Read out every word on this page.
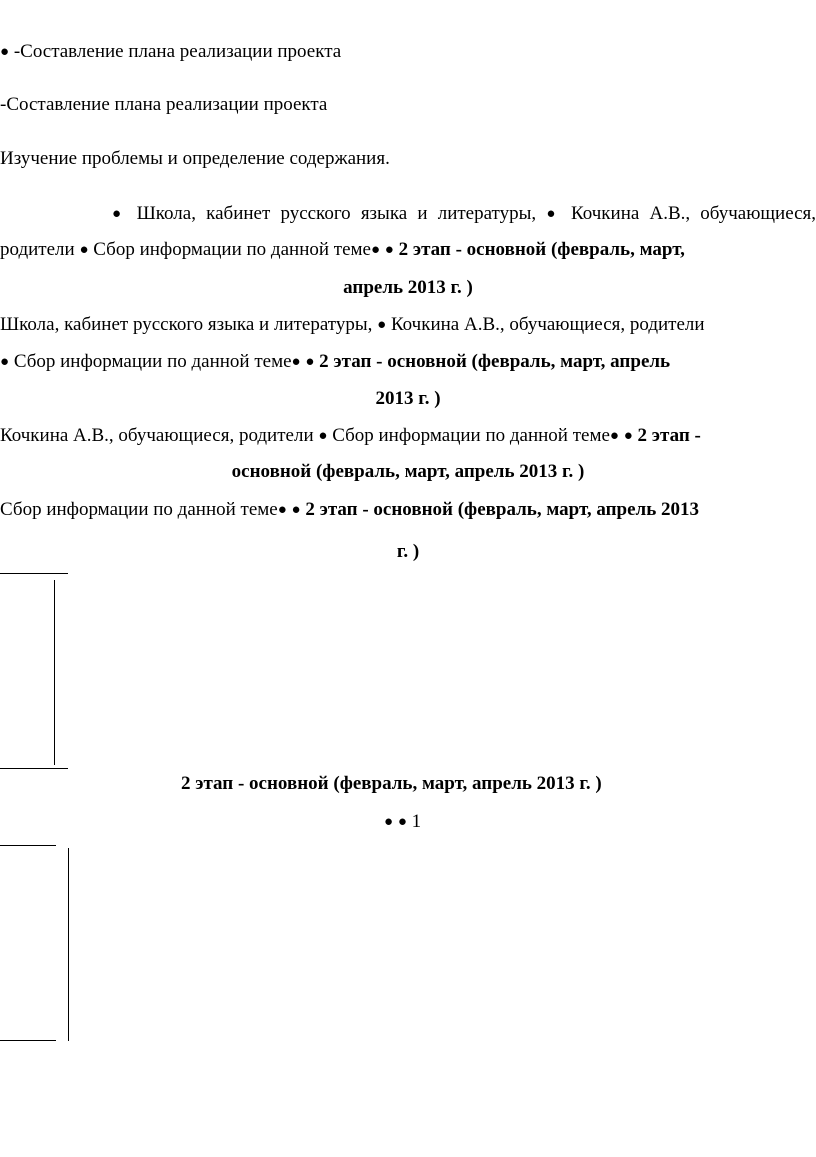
● -Составление плана реализации проекта
-Составление плана реализации проекта
Изучение проблемы и определение содержания.
● Школа, кабинет русского языка и литературы, ● Кочкина А.В., обучающиеся,
родители ● Сбор информации по данной теме● ● 2 этап - основной (февраль, март,
апрель 2013 г. )
Школа, кабинет русского языка и литературы, ● Кочкина А.В., обучающиеся, родители
● Сбор информации по данной теме● ● 2 этап - основной (февраль, март, апрель
2013 г. )
Кочкина А.В., обучающиеся, родители ● Сбор информации по данной теме● ● 2 этап -
основной (февраль, март, апрель 2013 г. )
Сбор информации по данной теме● ● 2 этап - основной (февраль, март, апрель 2013
г. )
2 этап - основной (февраль, март, апрель 2013 г. )
● ● 1
